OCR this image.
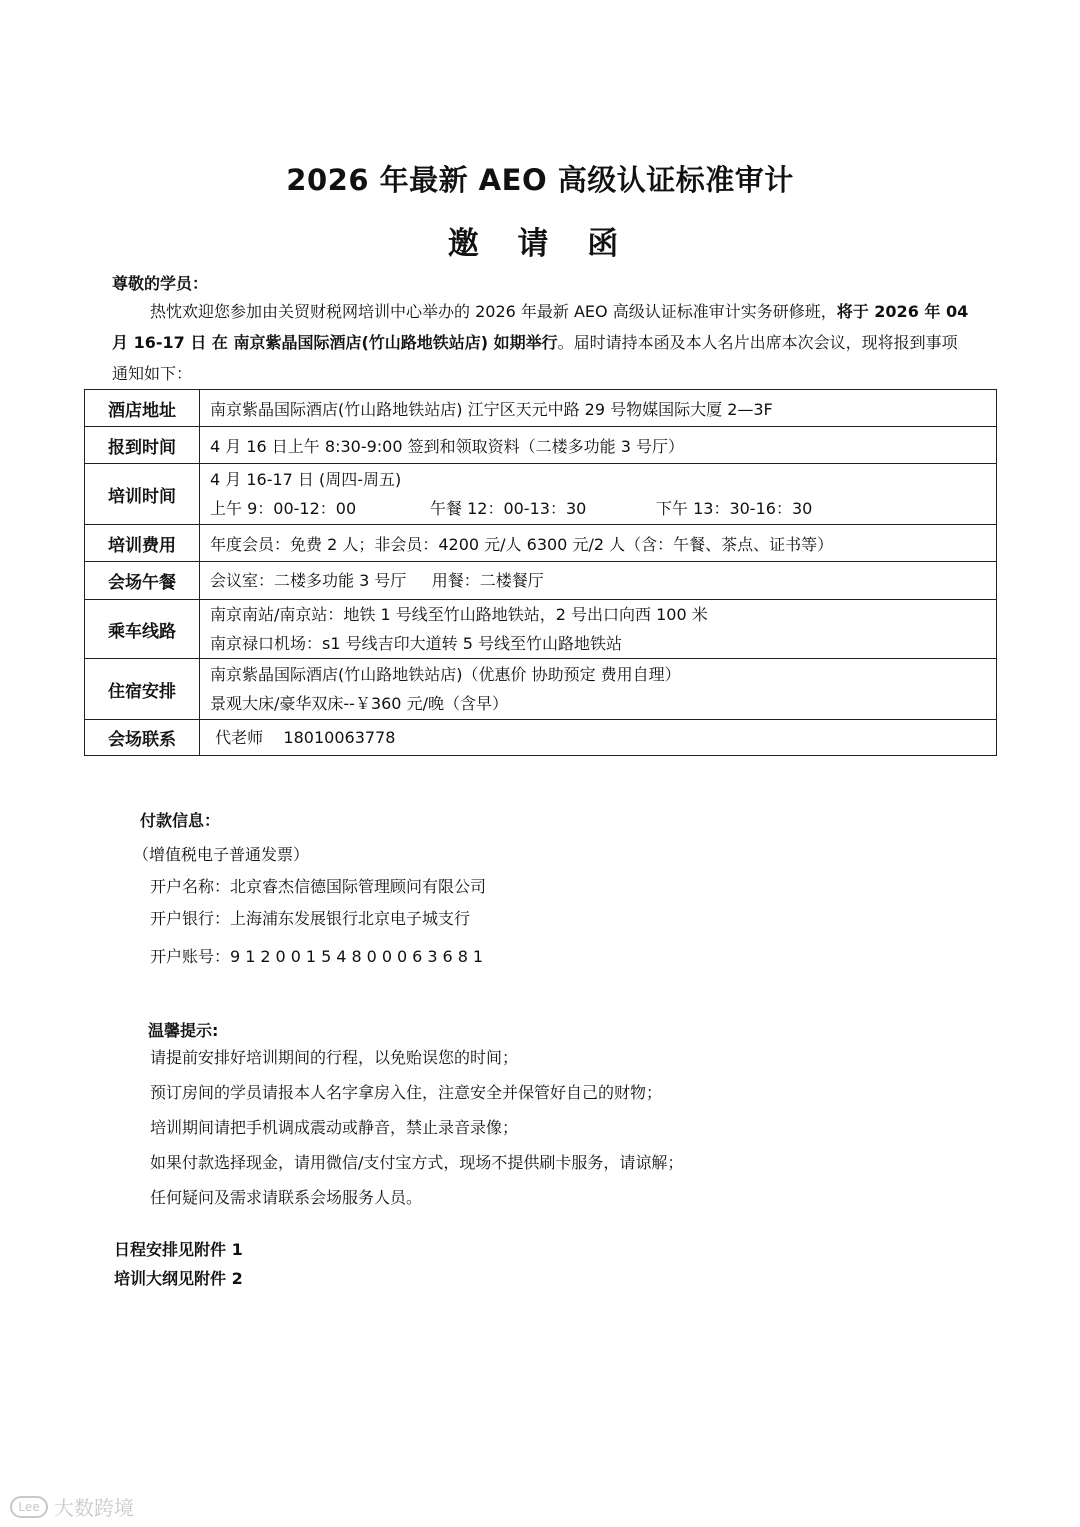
2026 年最新 AEO 高级认证标准审计
邀 请 函
尊敬的学员：
热忱欢迎您参加由关贸财税网培训中心举办的 2026 年最新 AEO 高级认证标准审计实务研修班，将于 2026 年 04 月 16-17 日 在 南京紫晶国际酒店(竹山路地铁站店) 如期举行。届时请持本函及本人名片出席本次会议，现将报到事项通知如下：
酒店地址	南京紫晶国际酒店(竹山路地铁站店) 江宁区天元中路 29 号物媒国际大厦 2—3F
报到时间	4 月 16 日上午 8:30-9:00 签到和领取资料（二楼多功能 3 号厅）
培训时间	4 月 16-17 日 (周四-周五)
上午 9：00-12：00 午餐 12：00-13：30 下午 13：30-16：30

培训费用	年度会员：免费 2 人；非会员：4200 元/人 6300 元/2 人（含：午餐、茶点、证书等）
会场午餐	会议室：二楼多功能 3 号厅     用餐：二楼餐厅
乘车线路	南京南站/南京站：地铁 1 号线至竹山路地铁站，2 号出口向西 100 米
南京禄口机场：s1 号线吉印大道转 5 号线至竹山路地铁站

住宿安排	南京紫晶国际酒店(竹山路地铁站店)（优惠价 协助预定 费用自理）
景观大床/豪华双床--￥360 元/晚（含早）

会场联系	代老师    18010063778
付款信息：
（增值税电子普通发票）
开户名称：北京睿杰信德国际管理顾问有限公司
开户银行：上海浦东发展银行北京电子城支行
开户账号：91200154800063681
温馨提示:
请提前安排好培训期间的行程，以免贻误您的时间；
预订房间的学员请报本人名字拿房入住，注意安全并保管好自己的财物；
培训期间请把手机调成震动或静音，禁止录音录像；
如果付款选择现金，请用微信/支付宝方式，现场不提供刷卡服务，请谅解；
任何疑问及需求请联系会场服务人员。
日程安排见附件 1
培训大纲见附件 2
Lee 大数跨境
